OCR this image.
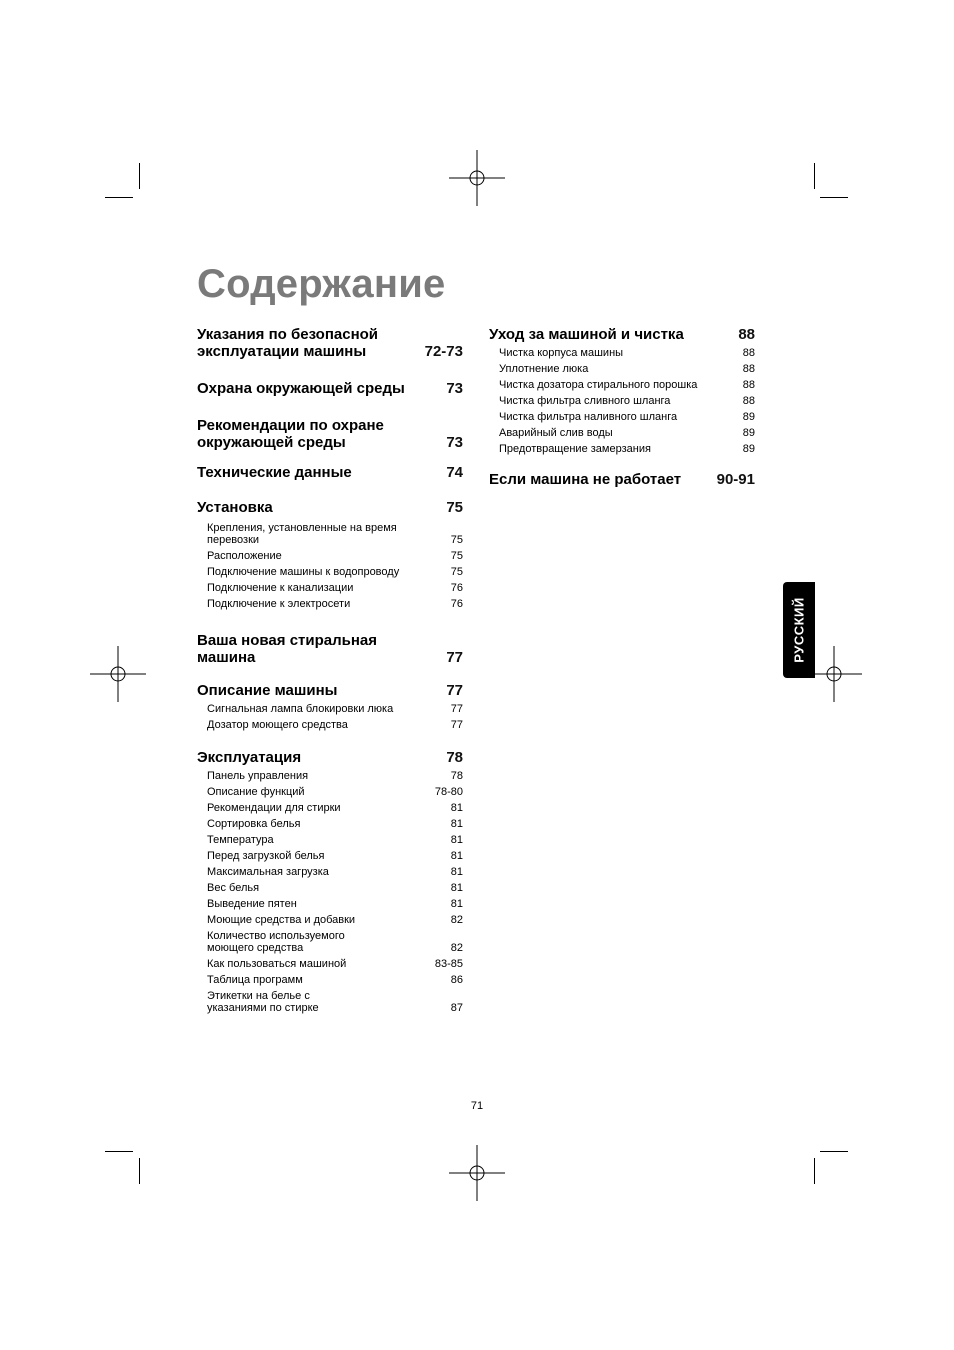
Содержание
Указания по безопасной эксплуатации машины	72-73
Охрана окружающей среды	73
Рекомендации по охране окружающей среды	73
Технические данные	74
Установка	75
Крепления, установленные на время
перевозки	75
Расположение	75
Подключение машины к водопроводу	75
Подключение к канализации	76
Подключение к электросети	76
Ваша новая стиральная машина	77
Описание машины	77
Сигнальная лампа блокировки люка	77
Дозатор моющего средства	77
Эксплуатация	78
Панель управления	78
Описание функций	78-80
Рекомендации для стирки	81
Сортировка белья	81
Температура	81
Перед загрузкой белья	81
Максимальная загрузка	81
Вес белья	81
Выведение пятен	81
Моющие средства и добавки	82
Количество используемого
моющего средства	82
Как пользоваться машиной	83-85
Таблица программ	86
Этикетки на белье с
указаниями по стирке	87
Уход за машиной и чистка	88
Чистка корпуса машины	88
Уплотнение люка	88
Чистка дозатора стирального порошка	88
Чистка фильтра сливного шланга	88
Чистка фильтра наливного шланга	89
Аварийный слив воды	89
Предотвращение замерзания	89
Если машина не работает	90-91
РУССКИЙ
71
